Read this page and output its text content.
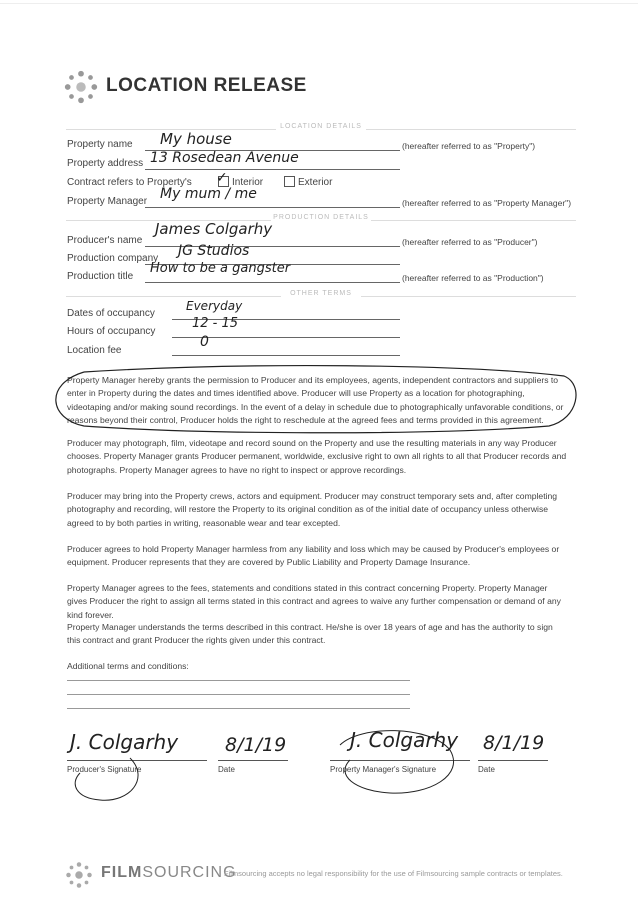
LOCATION RELEASE
LOCATION DETAILS
Property name My house	(hereafter referred to as "Property")
Property address 13 Rosedean Avenue
Contract refers to Property's ✓ Interior	Exterior
Property Manager My mum / me
(hereafter referred to as "Property Manager")
PRODUCTION DETAILS
Producer's name
James Colgarhy
(hereafter referred to as "Producer")
Production company JG Studios
Production title
How to be a gangster
(hereafter referred to as "Production")
OTHER TERMS
Dates of occupancy
Everyday
Hours of occupancy
12 - 15
Location fee
0
Property Manager hereby grants the permission to Producer and its employees, agents, independent contractors and suppliers to enter in Property during the dates and times identified above. Producer will use Property as a location for photographing, videotaping and/or making sound recordings. In the event of a delay in schedule due to photographically unfavorable conditions, or reasons beyond their control, Producer holds the right to reschedule at the agreed fees and terms provided in this agreement.
Producer may photograph, film, videotape and record sound on the Property and use the resulting materials in any way Producer chooses. Property Manager grants Producer permanent, worldwide, exclusive right to own all rights to all that Producer records and photographs. Property Manager agrees to have no right to inspect or approve recordings.
Producer may bring into the Property crews, actors and equipment. Producer may construct temporary sets and, after completing photography and recording, will restore the Property to its original condition as of the initial date of occupancy unless otherwise agreed to by both parties in writing, reasonable wear and tear excepted.
Producer agrees to hold Property Manager harmless from any liability and loss which may be caused by Producer's employees or equipment. Producer represents that they are covered by Public Liability and Property Damage Insurance.
Property Manager agrees to the fees, statements and conditions stated in this contract concerning Property. Property Manager gives Producer the right to assign all terms stated in this contract and agrees to waive any further compensation or demand of any kind forever.
Property Manager understands the terms described in this contract. He/she is over 18 years of age and has the authority to sign this contract and grant Producer the rights given under this contract.
Additional terms and conditions:
J. Colgarhy
Producer's Signature
8/1/19
Date
J. Colgarhy
Property Manager's Signature
8/1/19
Date
FILMSOURCING
Filmsourcing accepts no legal responsibility for the use of Filmsourcing sample contracts or templates.
